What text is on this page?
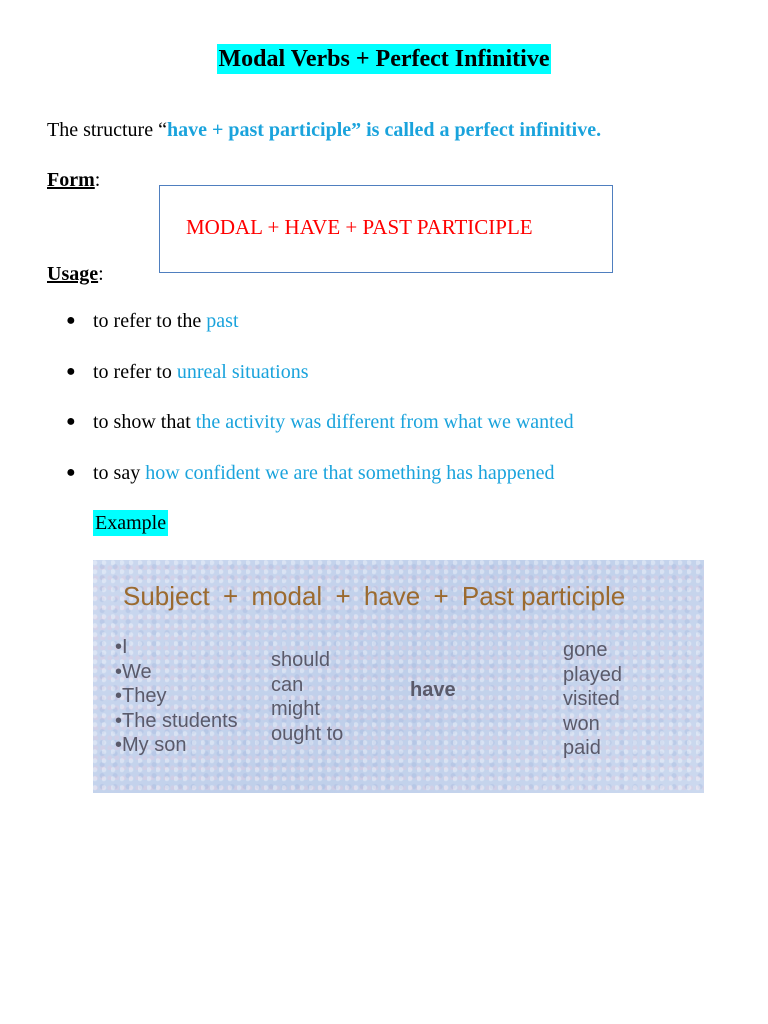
Modal Verbs + Perfect Infinitive
The structure “have + past participle” is called a perfect infinitive.
Form:
MODAL + HAVE + PAST PARTICIPLE
Usage:
● to refer to the past
● to refer to unreal situations
● to show that the activity was different from what we wanted
● to say how confident we are that something has happened
Example
Subject + modal + have + Past participle
•I
•We
•They
•The students
•My son
should
can
might
ought to
have
gone
played
visited
won
paid
